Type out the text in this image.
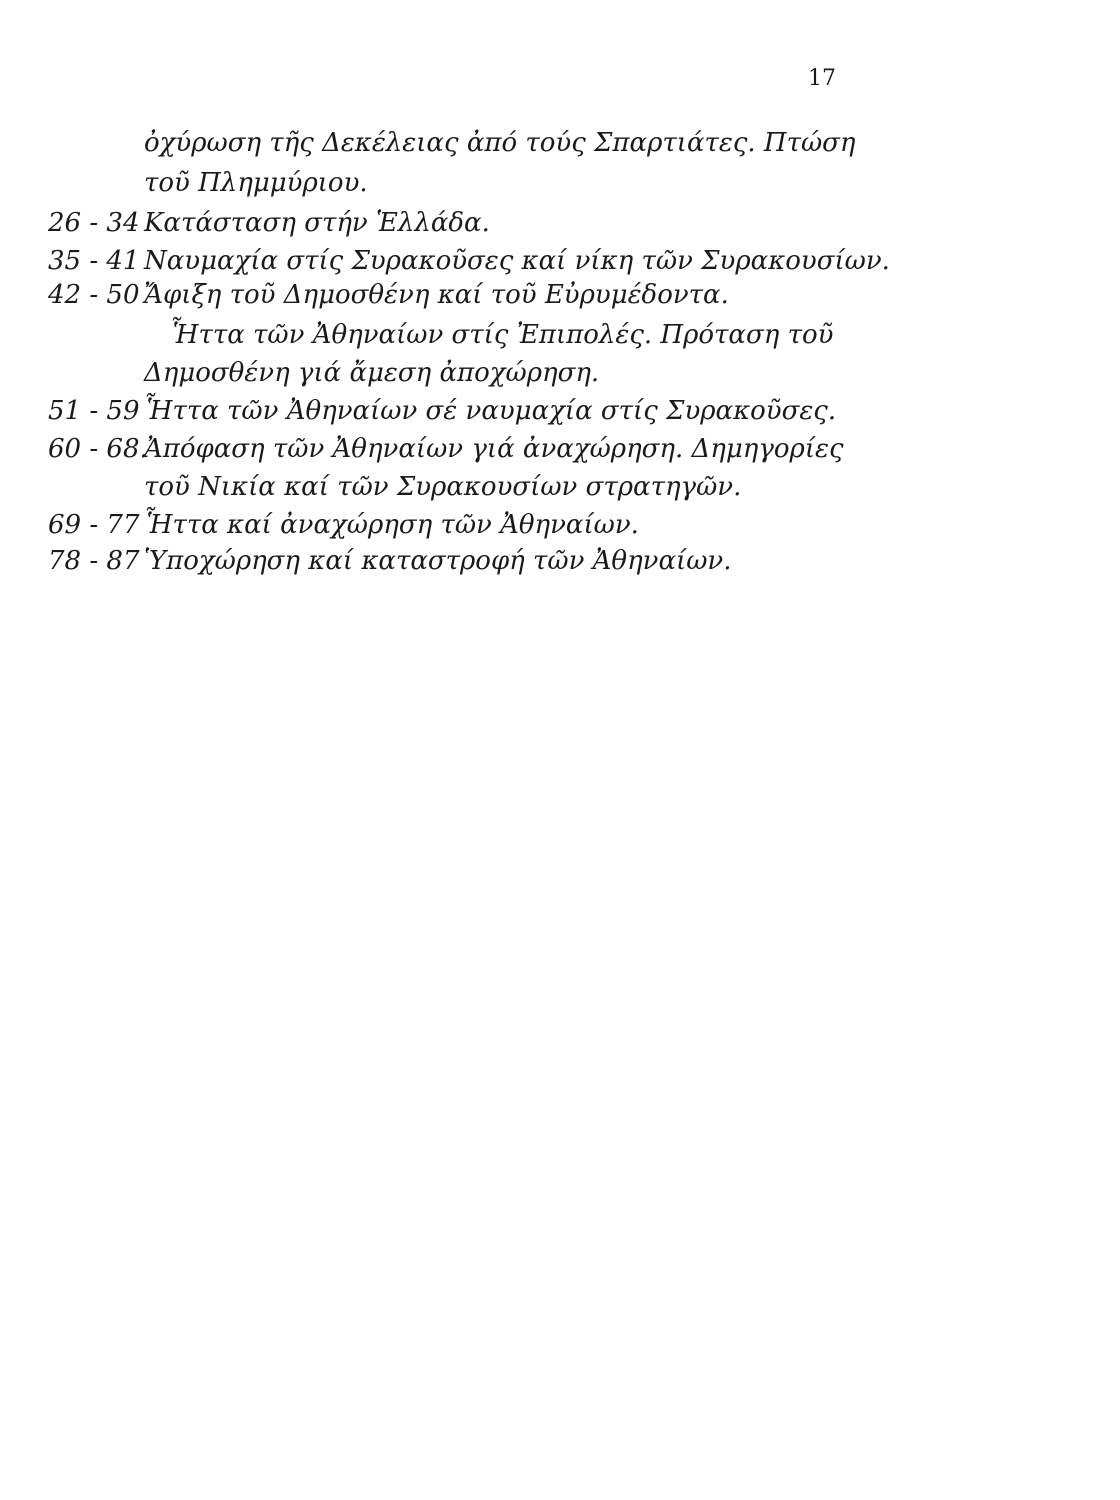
17
ὀχύρωση τῆς Δεκέλειας ἀπό τούς Σπαρτιάτες. Πτώση
τοῦ Πλημμύριου.
26 - 34 Κατάσταση στήν Ἑλλάδα.
35 - 41 Ναυμαχία στίς Συρακοῦσες καί νίκη τῶν Συρακουσίων.
42 - 50 Ἄφιξη τοῦ Δημοσθένη καί τοῦ Εὐρυμέδοντα.
Ἧττα τῶν Ἀθηναίων στίς Ἐπιπολές. Πρόταση τοῦ
Δημοσθένη γιά ἄμεση ἀποχώρηση.
51 - 59 Ἧττα τῶν Ἀθηναίων σέ ναυμαχία στίς Συρακοῦσες.
60 - 68.
Ἀπόφαση τῶν Ἀθηναίων γιά ἀναχώρηση. Δημηγορίες
τοῦ Νικία καί τῶν Συρακουσίων στρατηγῶν.
69 - 77 Ἧττα καί ἀναχώρηση τῶν Ἀθηναίων.
78 - 87 Ὑποχώρηση καί καταστροφή τῶν Ἀθηναίων.
